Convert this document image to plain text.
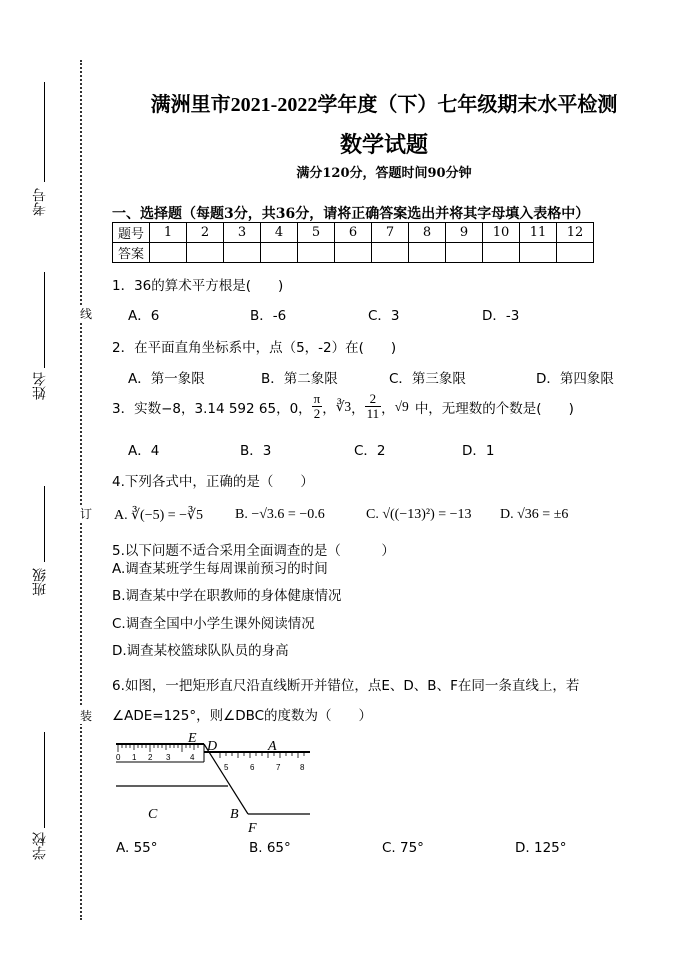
考号
姓名
班级
学校
线
订
装
满洲里市2021-2022学年度（下）七年级期末水平检测
数学试题
满分120分，答题时间90分钟
一、选择题（每题3分，共36分，请将正确答案选出并将其字母填入表格中）
题号	1	2	3	4	5	6	7	8	9	10	11	12
答案												
1．36的算术平方根是(　　)
A．6	B．-6	C．3	D．-3
2．在平面直角坐标系中，点（5，-2）在(　　)
A．第一象限	B．第二象限	C．第三象限	D．第四象限
3．实数−8，3.14 592 65，0， $\frac{\pi}{2}$ ， ∛3 ， $\frac{2}{11}$ ， √9 中，无理数的个数是(　　)
A．4	B．3	C．2	D．1
4.下列各式中，正确的是（　　）
A. ∛(−5) = −∛5 B. −√3.6 = −0.6	C. √((−13)²) = −13 D. √36 = ±6
5.以下问题不适合采用全面调查的是（　　　）
A.调查某班学生每周课前预习的时间
B.调查某中学在职教师的身体健康情况
C.调查全国中小学生课外阅读情况
D.调查某校篮球队队员的身高
6.如图，一把矩形直尺沿直线断开并错位，点E、D、B、F在同一条直线上，若
∠ADE=125°，则∠DBC的度数为（　　）
0 1 2 3 4
5	6	7 8
E
D	A
C	B
F
A. 55°	B. 65°	C. 75°	D. 125°
